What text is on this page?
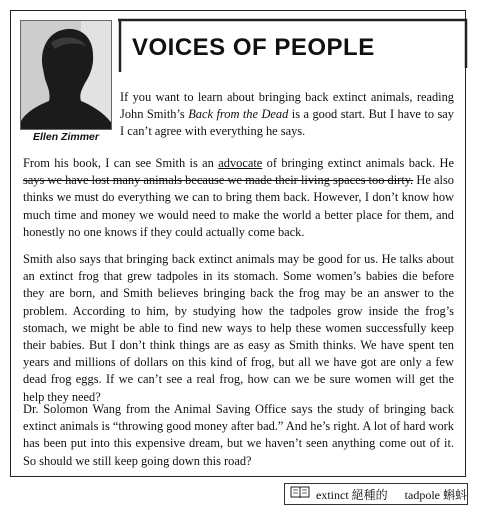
Ellen Zimmer
VOICES OF PEOPLE

If you want to learn about bringing back extinct animals, reading John Smith’s Back from the Dead is a good start. But I have to say I can’t agree with everything he says.

From his book, I can see Smith is an advocate of bringing extinct animals back. He says we have lost many animals because we made their living spaces too dirty. He also thinks we must do everything we can to bring them back. However, I don’t know how much time and money we would need to make the world a better place for them, and honestly no one knows if they could actually come back.

Smith also says that bringing back extinct animals may be good for us. He talks about an extinct frog that grew tadpoles in its stomach. Some women’s babies die before they are born, and Smith believes bringing back the frog may be an answer to the problem. According to him, by studying how the tadpoles grow inside the frog’s stomach, we might be able to find new ways to help these women successfully keep their babies. But I don’t think things are as easy as Smith thinks. We have spent ten years and millions of dollars on this kind of frog, but all we have got are only a few dead frog eggs. If we can’t see a real frog, how can we be sure women will get the help they need?

Dr. Solomon Wang from the Animal Saving Office says the study of bringing back extinct animals is “throwing good money after bad.” And he’s right. A lot of hard work has been put into this expensive dream, but we haven’t seen anything come out of it. So should we still keep going down this road?

extinct 絕種的 tadpole 蝌蚪
